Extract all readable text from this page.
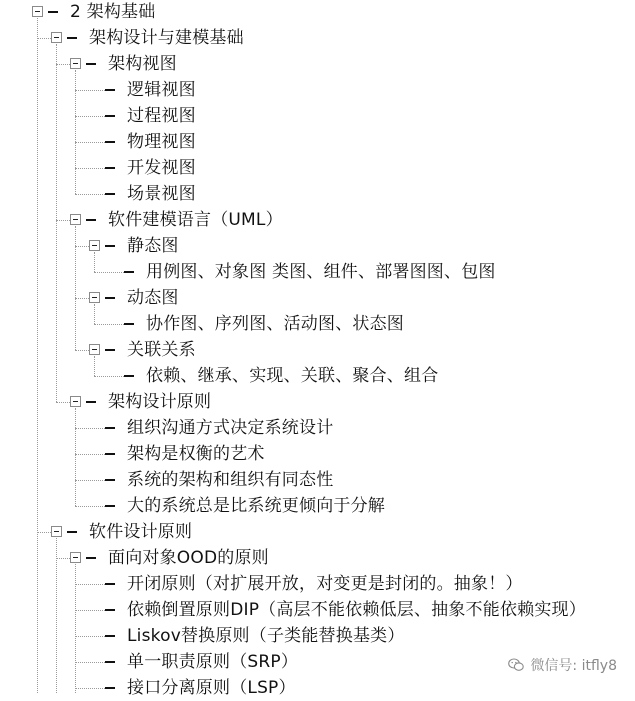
2 架构基础
架构设计与建模基础
架构视图
逻辑视图
过程视图
物理视图
开发视图
场景视图
软件建模语言（UML）
静态图
用例图、对象图 类图、组件、部署图图、包图
动态图
协作图、序列图、活动图、状态图
关联关系
依赖、继承、实现、关联、聚合、组合
架构设计原则
组织沟通方式决定系统设计
架构是权衡的艺术
系统的架构和组织有同态性
大的系统总是比系统更倾向于分解
软件设计原则
面向对象OOD的原则
开闭原则（对扩展开放，对变更是封闭的。抽象！）
依赖倒置原则DIP（高层不能依赖低层、抽象不能依赖实现）
Liskov替换原则（子类能替换基类）
单一职责原则（SRP）
接口分离原则（LSP）
微信号: itfly8
